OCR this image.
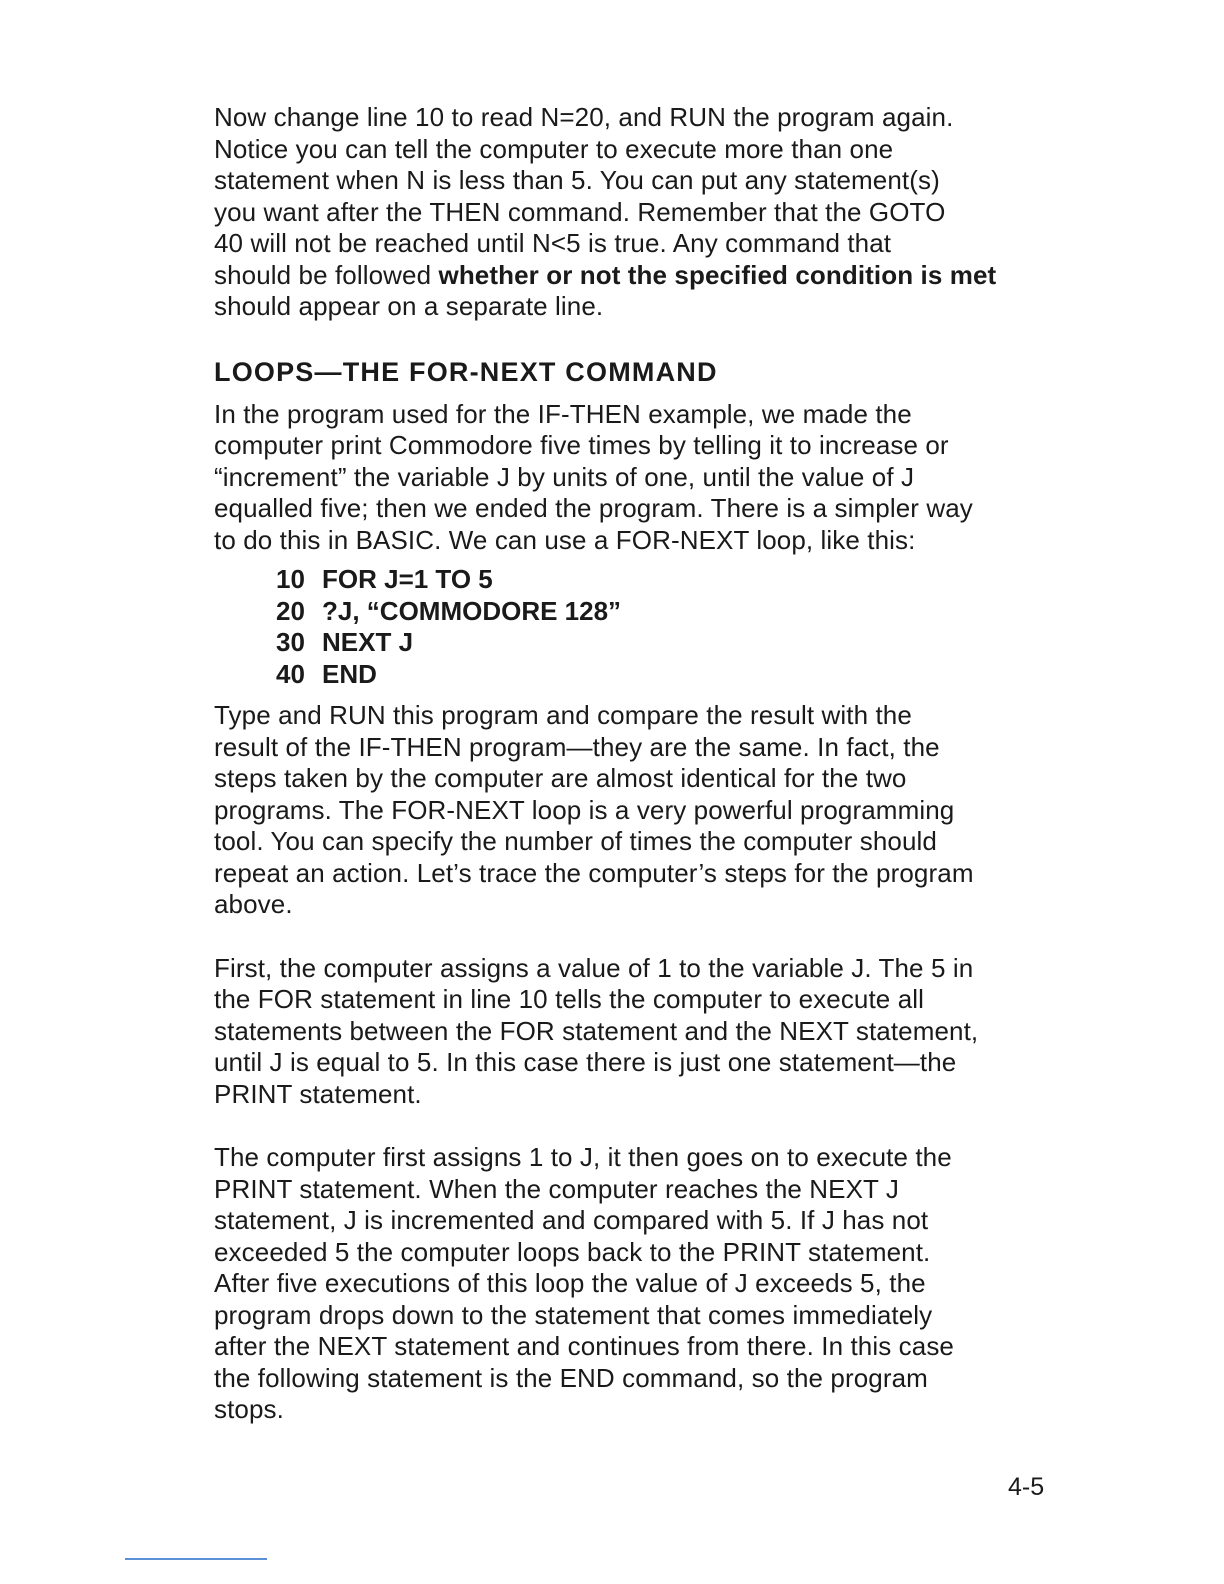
Now change line 10 to read N=20, and RUN the program again.
Notice you can tell the computer to execute more than one
statement when N is less than 5. You can put any statement(s)
you want after the THEN command. Remember that the GOTO
40 will not be reached until N<5 is true. Any command that
should be followed whether or not the specified condition is met
should appear on a separate line.

LOOPS—THE FOR-NEXT COMMAND

In the program used for the IF-THEN example, we made the
computer print Commodore five times by telling it to increase or
“increment” the variable J by units of one, until the value of J
equalled five; then we ended the program. There is a simpler way
to do this in BASIC. We can use a FOR-NEXT loop, like this:

10 FOR J=1 TO 5
20 ?J, “COMMODORE 128”
30 NEXT J
40 END

Type and RUN this program and compare the result with the
result of the IF-THEN program—they are the same. In fact, the
steps taken by the computer are almost identical for the two
programs. The FOR-NEXT loop is a very powerful programming
tool. You can specify the number of times the computer should
repeat an action. Let’s trace the computer’s steps for the program
above.

First, the computer assigns a value of 1 to the variable J. The 5 in
the FOR statement in line 10 tells the computer to execute all
statements between the FOR statement and the NEXT statement,
until J is equal to 5. In this case there is just one statement—the
PRINT statement.

The computer first assigns 1 to J, it then goes on to execute the
PRINT statement. When the computer reaches the NEXT J
statement, J is incremented and compared with 5. If J has not
exceeded 5 the computer loops back to the PRINT statement.
After five executions of this loop the value of J exceeds 5, the
program drops down to the statement that comes immediately
after the NEXT statement and continues from there. In this case
the following statement is the END command, so the program
stops.

4-5
